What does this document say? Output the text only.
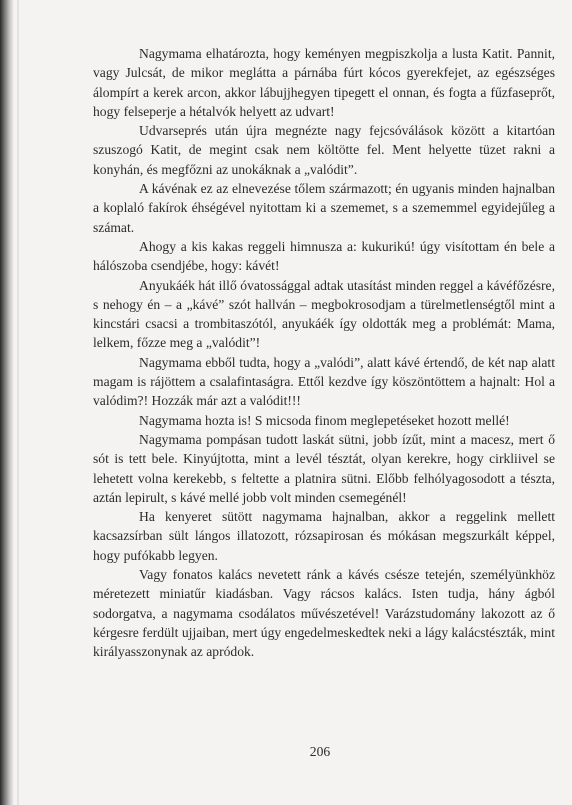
Nagymama elhatározta, hogy keményen megpiszkolja a lusta Katit. Pannit, vagy Julcsát, de mikor meglátta a párnába fúrt kócos gyerekfejet, az egészséges álompírt a kerek arcon, akkor lábujjhegyen tipegett el onnan, és fogta a fűzfaseprőt, hogy felseperje a hétalvók helyett az udvart!

Udvarseprés után újra megnézte nagy fejcsóválások között a kitartóan szuszogó Katit, de megint csak nem költötte fel. Ment helyette tüzet rakni a konyhán, és megfőzni az unokáknak a „valódit”.

A kávénak ez az elnevezése tőlem származott; én ugyanis minden hajnalban a koplaló fakírok éhségével nyitottam ki a szememet, s a szememmel egyidejűleg a számat.

Ahogy a kis kakas reggeli himnusza a: kukurikú! úgy visítottam én bele a hálószoba csendjébe, hogy: kávét!

Anyukáék hát illő óvatossággal adtak utasítást minden reggel a kávéfőzésre, s nehogy én – a „kávé” szót hallván – megbokrosodjam a türelmetlenségtől mint a kincstári csacsi a trombitaszótól, anyukáék így oldották meg a problémát: Mama, lelkem, főzze meg a „valódit”!

Nagymama ebből tudta, hogy a „valódi”, alatt kávé értendő, de két nap alatt magam is rájöttem a csalafintaságra. Ettől kezdve így köszöntöttem a hajnalt: Hol a valódim?! Hozzák már azt a valódit!!!

Nagymama hozta is! S micsoda finom meglepetéseket hozott mellé!

Nagymama pompásan tudott laskát sütni, jobb ízűt, mint a macesz, mert ő sót is tett bele. Kinyújtotta, mint a levél tésztát, olyan kerekre, hogy cirkliivel se lehetett volna kerekebb, s feltette a platnira sütni. Előbb felhólyagosodott a tészta, aztán lepirult, s kávé mellé jobb volt minden csemegénél!

Ha kenyeret sütött nagymama hajnalban, akkor a reggelink mellett kacsazsírban sült lángos illatozott, rózsapirosan és mókásan megszurkált képpel, hogy pufókabb legyen.

Vagy fonatos kalács nevetett ránk a kávés csésze tetején, személyünkhöz méretezett miniatűr kiadásban. Vagy rácsos kalács. Isten tudja, hány ágból sodorgatva, a nagymama csodálatos művészetével! Varázstudomány lakozott az ő kérgesre ferdült ujjaiban, mert úgy engedelmeskedtek neki a lágy kalácstészták, mint királyasszonynak az apródok.

206
